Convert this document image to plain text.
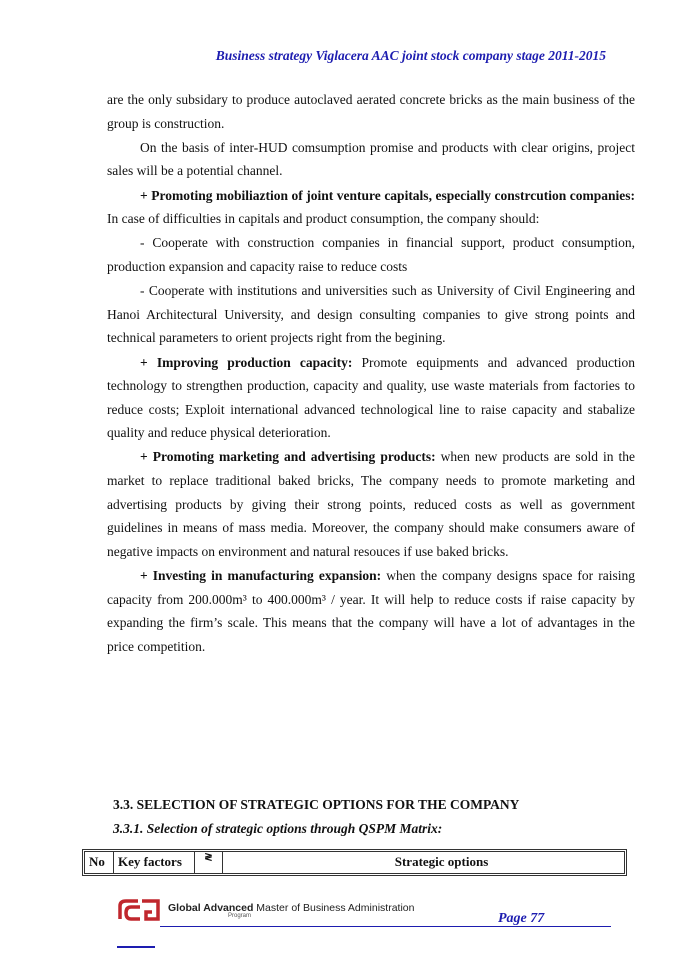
Business strategy Viglacera AAC joint stock company stage 2011-2015

are the only subsidary to produce autoclaved aerated concrete bricks as the main business of the group is construction.

On the basis of inter-HUD comsumption promise and products with clear origins, project sales will be a potential channel.

+ Promoting mobiliaztion of joint venture capitals, especially constrcution companies: In case of difficulties in capitals and product consumption, the company should:

- Cooperate with construction companies in financial support, product consumption, production expansion and capacity raise to reduce costs

- Cooperate with institutions and universities such as University of Civil Engineering and Hanoi Architectural University, and design consulting companies to give strong points and technical parameters to orient projects right from the begining.

+ Improving production capacity: Promote equipments and advanced production technology to strengthen production, capacity and quality, use waste materials from factories to reduce costs; Exploit international advanced technological line to raise capacity and stabalize quality and reduce physical deterioration.

+ Promoting marketing and advertising products: when new products are sold in the market to replace traditional baked bricks, The company needs to promote marketing and advertising products by giving their strong points, reduced costs as well as government guidelines in means of mass media. Moreover, the company should make consumers aware of negative impacts on environment and natural resouces if use baked bricks.

+ Investing in manufacturing expansion: when the company designs space for raising capacity from 200.000m³ to 400.000m³ / year. It will help to reduce costs if raise capacity by expanding the firm’s scale. This means that the company will have a lot of advantages in the price competition.

3.3. SELECTION OF STRATEGIC OPTIONS FOR THE COMPANY
3.3.1. Selection of strategic options through QSPM Matrix:
No	Key factors	≷	Strategic options
Global Advanced Master of Business Administration
Program	Page 77
